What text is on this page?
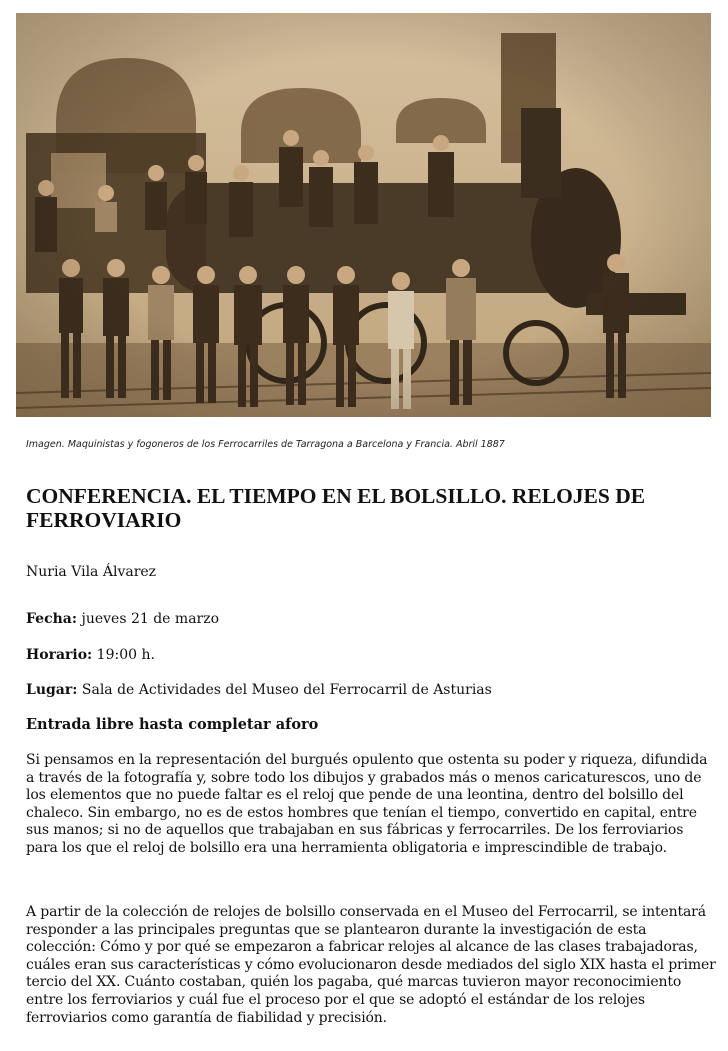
Imagen. Maquinistas y fogoneros de los Ferrocarriles de Tarragona a Barcelona y Francia. Abril 1887
CONFERENCIA. EL TIEMPO EN EL BOLSILLO. RELOJES DE FERROVIARIO
Nuria Vila Álvarez
Fecha: jueves 21 de marzo
Horario: 19:00 h.
Lugar: Sala de Actividades del Museo del Ferrocarril de Asturias
Entrada libre hasta completar aforo

Si pensamos en la representación del burgués opulento que ostenta su poder y riqueza, difundida a través de la fotografía y, sobre todo los dibujos y grabados más o menos caricaturescos, uno de los elementos que no puede faltar es el reloj que pende de una leontina, dentro del bolsillo del chaleco. Sin embargo, no es de estos hombres que tenían el tiempo, convertido en capital, entre sus manos; si no de aquellos que trabajaban en sus fábricas y ferrocarriles. De los ferroviarios para los que el reloj de bolsillo era una herramienta obligatoria e imprescindible de trabajo.

A partir de la colección de relojes de bolsillo conservada en el Museo del Ferrocarril, se intentará responder a las principales preguntas que se plantearon durante la investigación de esta colección: Cómo y por qué se empezaron a fabricar relojes al alcance de las clases trabajadoras, cuáles eran sus características y cómo evolucionaron desde mediados del siglo XIX hasta el primer tercio del XX. Cuánto costaban, quién los pagaba, qué marcas tuvieron mayor reconocimiento entre los ferroviarios y cuál fue el proceso por el que se adoptó el estándar de los relojes ferroviarios como garantía de fiabilidad y precisión.
